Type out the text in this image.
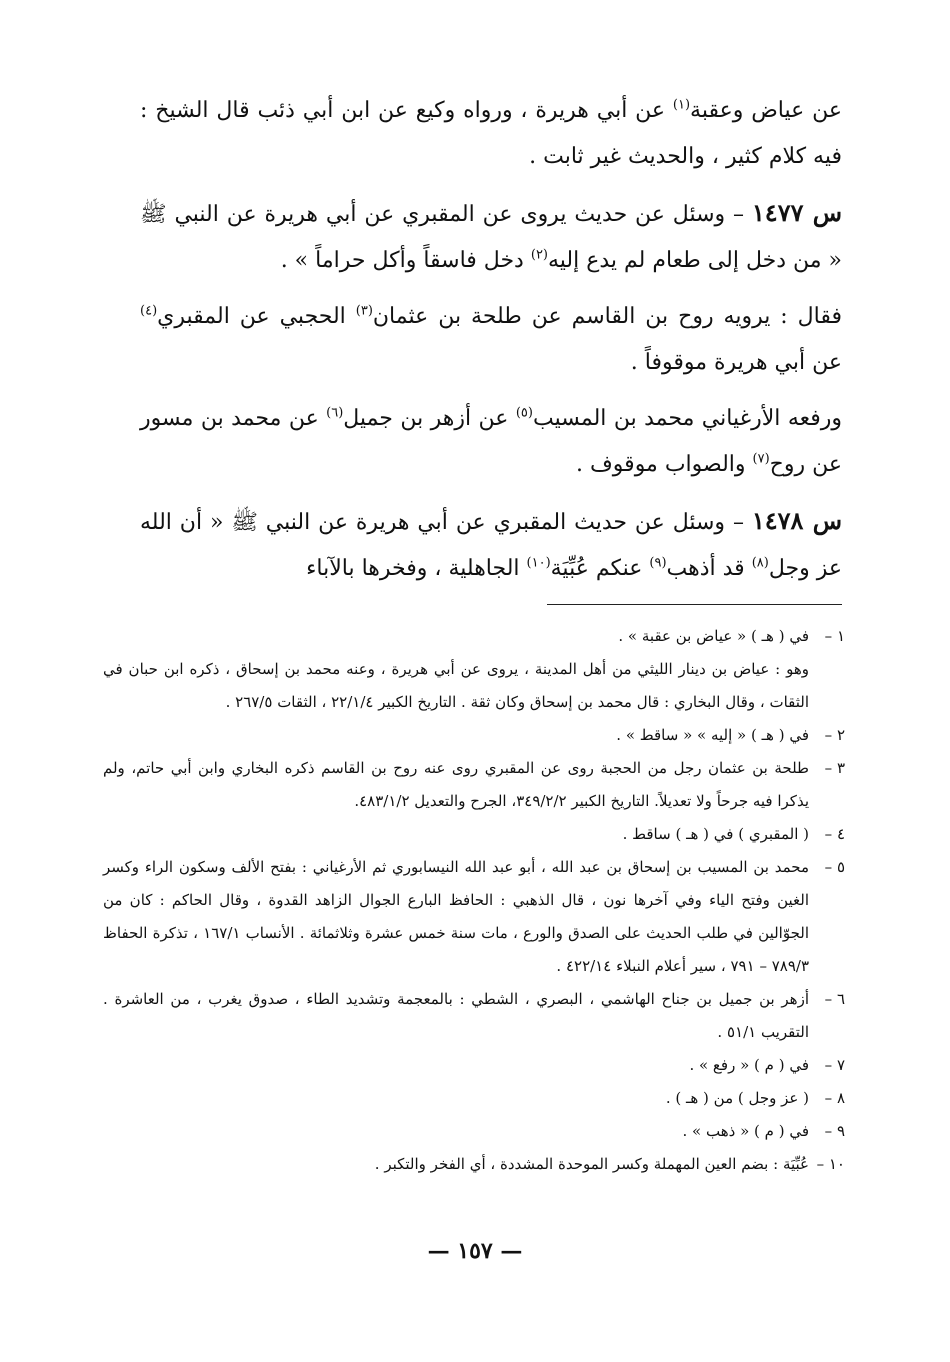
عن عياض وعقبة$^{(١)}$ عن أبي هريرة ، ورواه وكيع عن ابن أبي ذئب قال الشيخ : فيه كلام كثير ، والحديث غير ثابت .

س ١٤٧٧ – وسئل عن حديث يروى عن المقبري عن أبي هريرة عن النبي ﷺ « من دخل إلى طعام لم يدع إليه$^{(٢)}$ دخل فاسقاً وأكل حراماً » .

فقال : يرويه روح بن القاسم عن طلحة بن عثمان$^{(٣)}$ الحجبي عن المقبري$^{(٤)}$ عن أبي هريرة موقوفاً .

ورفعه الأرغياني محمد بن المسيب$^{(٥)}$ عن أزهر بن جميل$^{(٦)}$ عن محمد بن مسور عن روح$^{(٧)}$ والصواب موقوف .

س ١٤٧٨ – وسئل عن حديث المقبري عن أبي هريرة عن النبي ﷺ « أن الله عز وجل$^{(٨)}$ قد أذهب$^{(٩)}$ عنكم عُبِّيَة$^{(١٠)}$ الجاهلية ، وفخرها بالآباء

١ –
في ( هـ ) « عياض بن عقبة » .
وهو : عياض بن دينار الليثي من أهل المدينة ، يروى عن أبي هريرة ، وعنه محمد بن إسحاق ، ذكره ابن حبان في الثقات ، وقال البخاري : قال محمد بن إسحاق وكان ثقة . التاريخ الكبير ٢٢/١/٤ ، الثقات ٢٦٧/٥ .
٢ –
في ( هـ ) « إليه » « ساقط » .
٣ –
طلحة بن عثمان رجل من الحجبة روى عن المقبري روى عنه روح بن القاسم ذكره البخاري وابن أبي حاتم، ولم يذكرا فيه جرحاً ولا تعديلاً. التاريخ الكبير ٣٤٩/٢/٢، الجرح والتعديل ٤٨٣/١/٢.
٤ –
( المقبري ) في ( هـ ) ساقط .
٥ –
محمد بن المسيب بن إسحاق بن عبد الله ، أبو عبد الله النيسابوري ثم الأرغياني : بفتح الألف وسكون الراء وكسر الغين وفتح الياء وفي آخرها نون ، قال الذهبي : الحافظ البارع الجوال الزاهد القدوة ، وقال الحاكم : كان من الجوّالين في طلب الحديث على الصدق والورع ، مات سنة خمس عشرة وثلاثمائة . الأنساب ١٦٧/١ ، تذكرة الحفاظ ٧٨٩/٣ – ٧٩١ ، سير أعلام النبلاء ٤٢٢/١٤ .
٦ –
أزهر بن جميل بن جناح الهاشمي ، البصري ، الشطي : بالمعجمة وتشديد الطاء ، صدوق يغرب ، من العاشرة . التقريب ٥١/١ .
٧ –
في ( م ) « رفع » .
٨ –
( عز وجل ) من ( هـ ) .
٩ –
في ( م ) « ذهب » .
١٠ –
عُبِّيَة : بضم العين المهملة وكسر الموحدة المشددة ، أي الفخر والتكبر .
— ١٥٧ —
